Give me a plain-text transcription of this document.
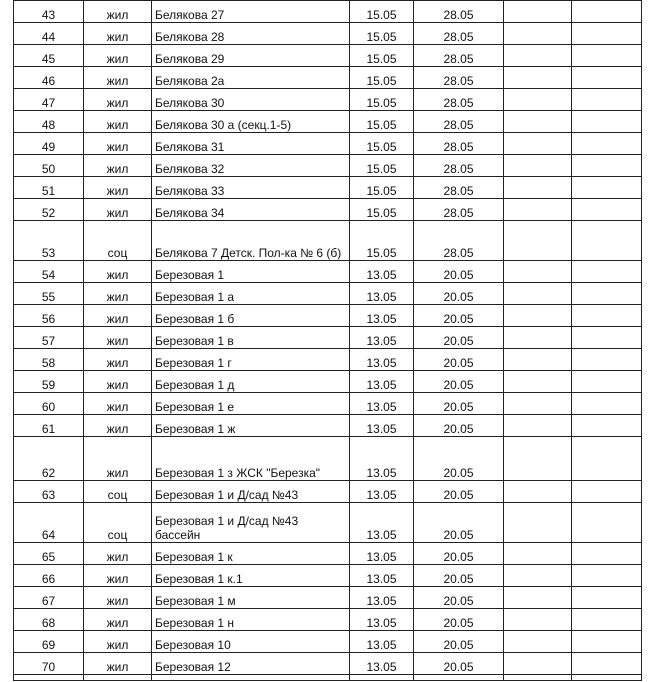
43	жил	Белякова 27	15.05	28.05		
44	жил	Белякова 28	15.05	28.05		
45	жил	Белякова 29	15.05	28.05		
46	жил	Белякова 2а	15.05	28.05		
47	жил	Белякова 30	15.05	28.05		
48	жил	Белякова 30 а (секц.1-5)	15.05	28.05		
49	жил	Белякова 31	15.05	28.05		
50	жил	Белякова 32	15.05	28.05		
51	жил	Белякова 33	15.05	28.05		
52	жил	Белякова 34	15.05	28.05		
53	соц	Белякова 7 Детск. Пол-ка № 6 (б)	15.05	28.05		
54	жил	Березовая 1	13.05	20.05		
55	жил	Березовая 1 а	13.05	20.05		
56	жил	Березовая 1 б	13.05	20.05		
57	жил	Березовая 1 в	13.05	20.05		
58	жил	Березовая 1 г	13.05	20.05		
59	жил	Березовая 1 д	13.05	20.05		
60	жил	Березовая 1 е	13.05	20.05		
61	жил	Березовая 1 ж	13.05	20.05		
62	жил	Березовая 1 з ЖСК "Березка"	13.05	20.05		
63	соц	Березовая 1 и Д/сад №43	13.05	20.05		
64	соц	Березовая 1 и Д/сад №43 бассейн	13.05	20.05		
65	жил	Березовая 1 к	13.05	20.05		
66	жил	Березовая 1 к.1	13.05	20.05		
67	жил	Березовая 1 м	13.05	20.05		
68	жил	Березовая 1 н	13.05	20.05		
69	жил	Березовая 10	13.05	20.05		
70	жил	Березовая 12	13.05	20.05		
